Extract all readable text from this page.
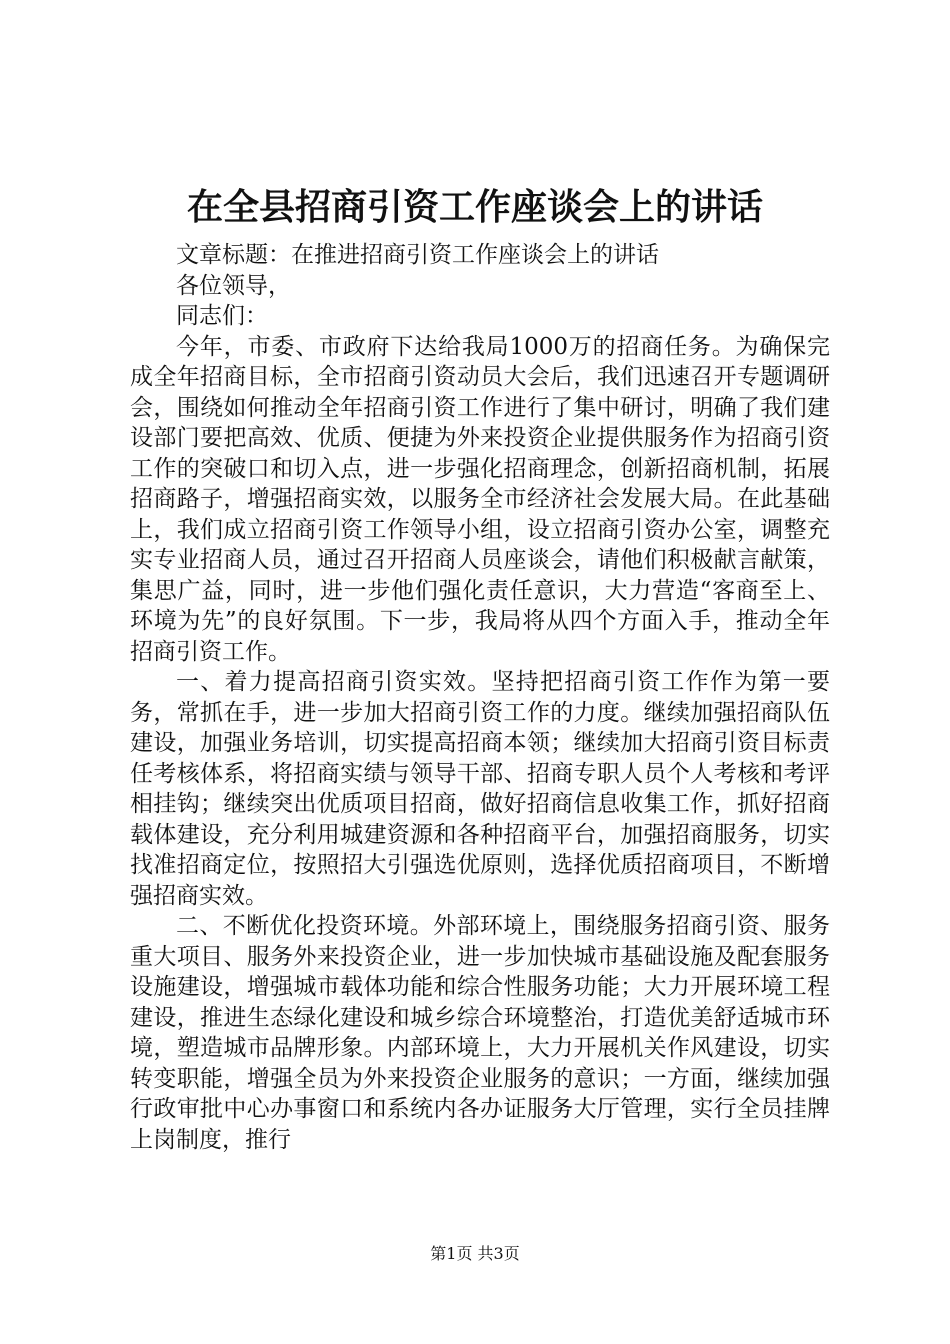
在全县招商引资工作座谈会上的讲话

文章标题：在推进招商引资工作座谈会上的讲话

各位领导，

同志们：

今年，市委、市政府下达给我局1000万的招商任务。为确保完成全年招商目标，全市招商引资动员大会后，我们迅速召开专题调研会，围绕如何推动全年招商引资工作进行了集中研讨，明确了我们建设部门要把高效、优质、便捷为外来投资企业提供服务作为招商引资工作的突破口和切入点，进一步强化招商理念，创新招商机制，拓展招商路子，增强招商实效，以服务全市经济社会发展大局。在此基础上，我们成立招商引资工作领导小组，设立招商引资办公室，调整充实专业招商人员，通过召开招商人员座谈会，请他们积极献言献策，集思广益，同时，进一步他们强化责任意识，大力营造“客商至上、环境为先”的良好氛围。下一步，我局将从四个方面入手，推动全年招商引资工作。

一、着力提高招商引资实效。坚持把招商引资工作作为第一要务，常抓在手，进一步加大招商引资工作的力度。继续加强招商队伍建设，加强业务培训，切实提高招商本领；继续加大招商引资目标责任考核体系，将招商实绩与领导干部、招商专职人员个人考核和考评相挂钩；继续突出优质项目招商，做好招商信息收集工作，抓好招商载体建设，充分利用城建资源和各种招商平台，加强招商服务，切实找准招商定位，按照招大引强选优原则，选择优质招商项目，不断增强招商实效。

二、不断优化投资环境。外部环境上，围绕服务招商引资、服务重大项目、服务外来投资企业，进一步加快城市基础设施及配套服务设施建设，增强城市载体功能和综合性服务功能；大力开展环境工程建设，推进生态绿化建设和城乡综合环境整治，打造优美舒适城市环境，塑造城市品牌形象。内部环境上，大力开展机关作风建设，切实转变职能，增强全员为外来投资企业服务的意识；一方面，继续加强行政审批中心办事窗口和系统内各办证服务大厅管理，实行全员挂牌上岗制度，推行

第1页 共3页
